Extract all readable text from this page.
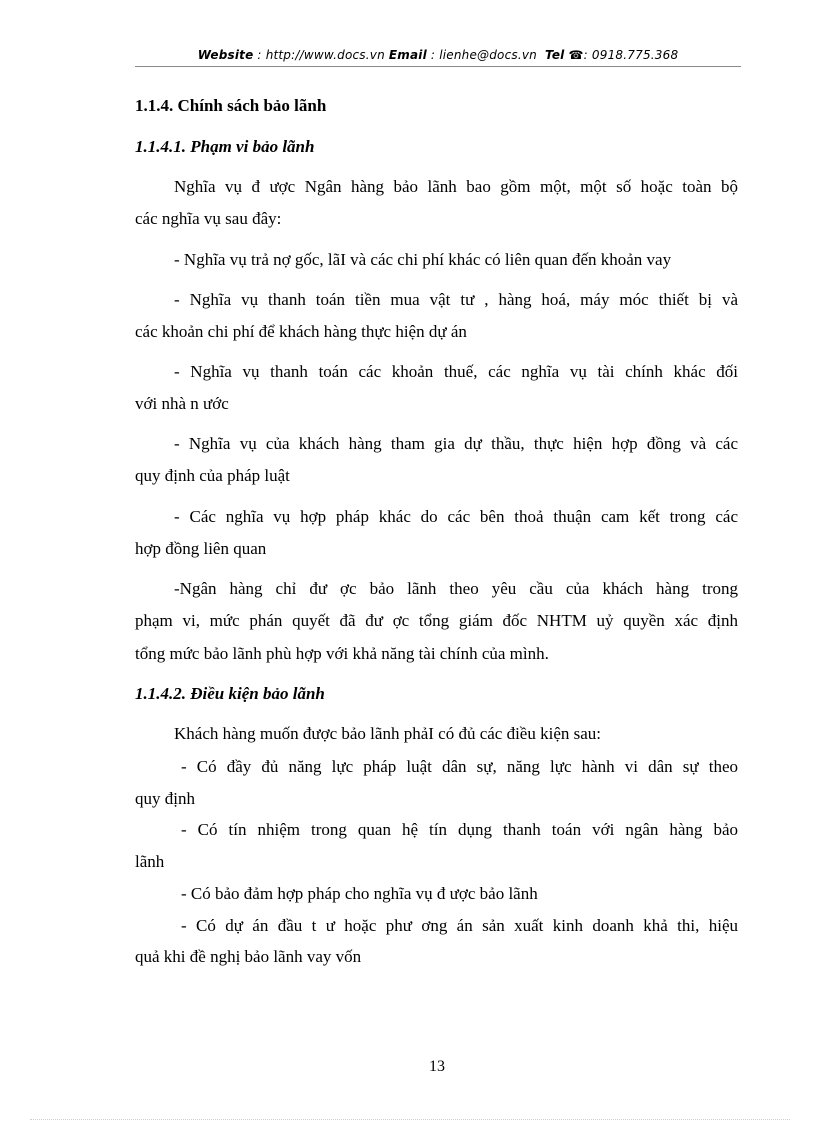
Website : http://www.docs.vn Email : lienhe@docs.vn  Tel ☎: 0918.775.368
1.1.4. Chính sách bảo lãnh
1.1.4.1. Phạm vi bảo lãnh
Nghĩa vụ đ ược Ngân hàng bảo lãnh bao gồm một, một số hoặc toàn bộ
các nghĩa vụ sau đây:
- Nghĩa vụ trả nợ gốc, lãI và các chi phí khác có liên quan đến khoản vay
- Nghĩa vụ thanh toán tiền mua vật tư , hàng hoá, máy móc thiết bị và
các khoản chi phí để khách hàng thực hiện dự án
- Nghĩa vụ thanh toán các khoản thuế, các nghĩa vụ tài chính khác đối
với nhà n ước
- Nghĩa vụ của khách hàng tham gia dự thầu, thực hiện hợp đồng và các
quy định của pháp luật
- Các nghĩa vụ hợp pháp khác do các bên thoả thuận cam kết trong các
hợp đồng liên quan
-Ngân hàng chỉ đư ợc bảo lãnh theo yêu cầu của khách hàng trong
phạm vi, mức phán quyết đã đư ợc tổng giám đốc NHTM uỷ quyền xác định
tổng mức bảo lãnh phù hợp với khả năng tài chính của mình.
1.1.4.2. Điều kiện bảo lãnh
Khách hàng muốn được bảo lãnh phảI có đủ các điều kiện sau:
- Có đầy đủ năng lực pháp luật dân sự, năng lực hành vi dân sự theo
quy định
- Có tín nhiệm trong quan hệ tín dụng thanh toán với ngân hàng bảo
lãnh
- Có bảo đảm hợp pháp cho nghĩa vụ đ ược bảo lãnh
- Có dự án đầu t ư hoặc phư ơng án sản xuất kinh doanh khả thi, hiệu
quả khi đề nghị bảo lãnh vay vốn
13
